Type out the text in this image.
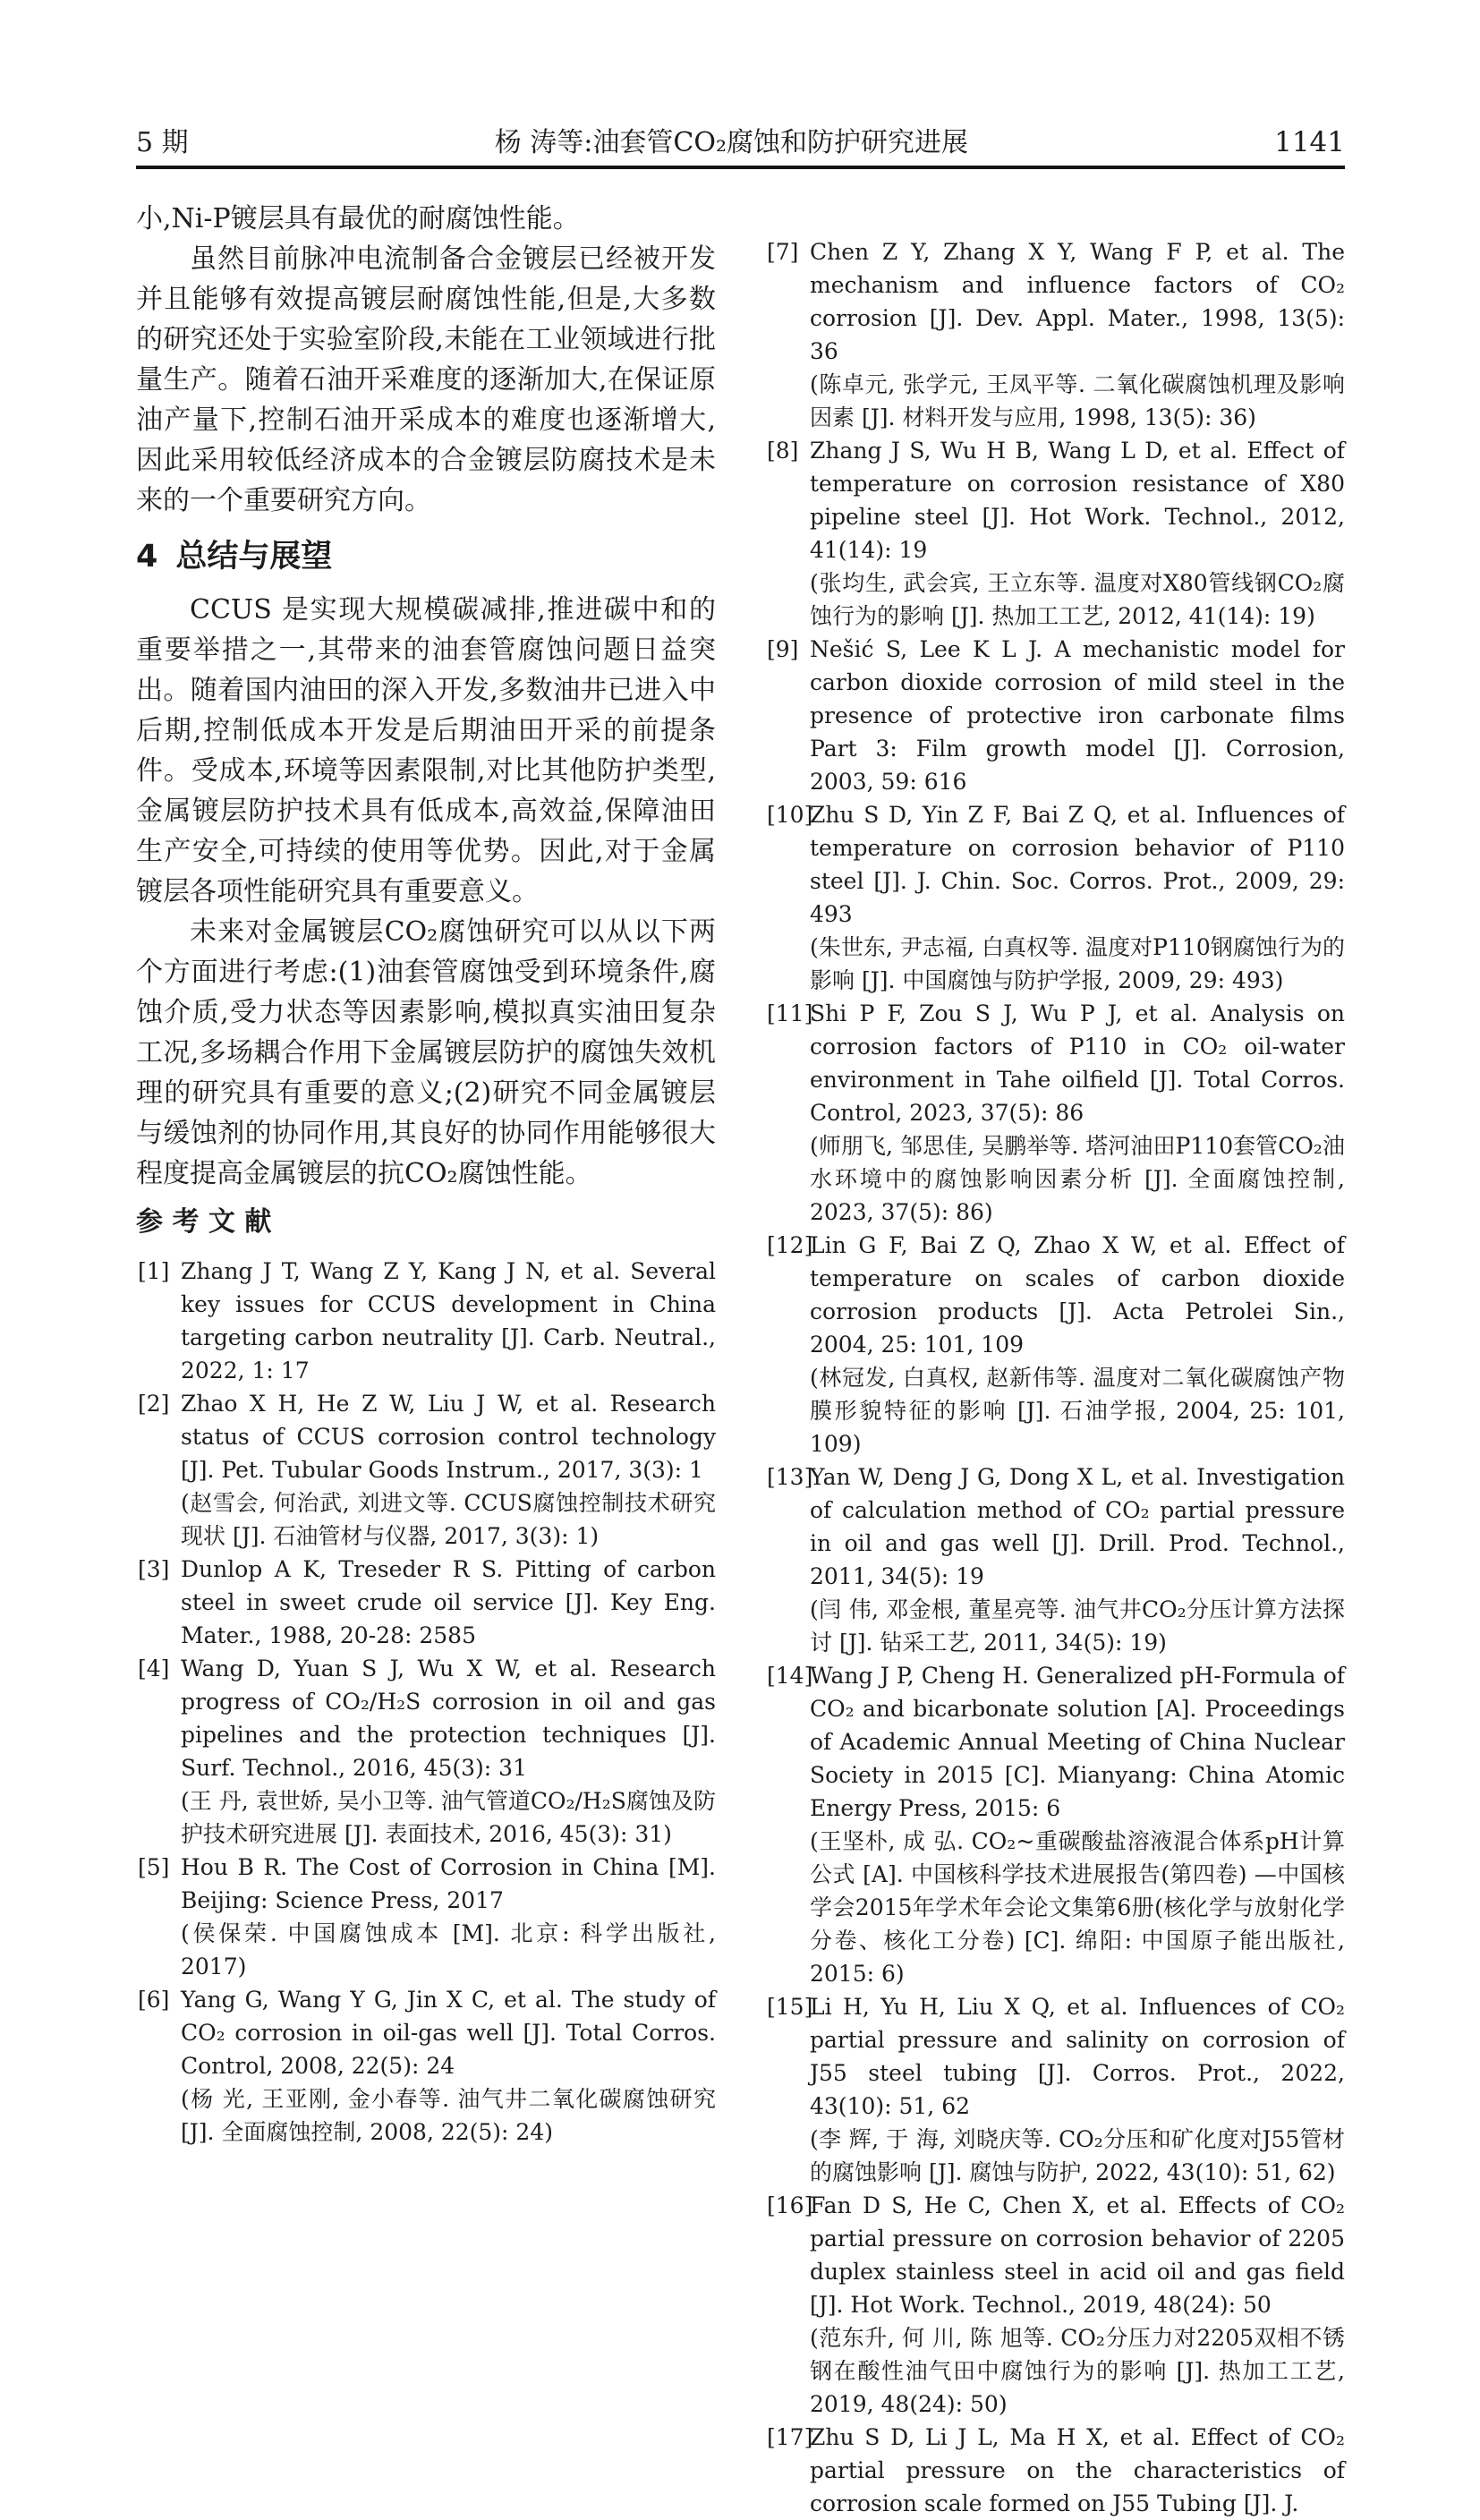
5 期	杨 涛等:油套管CO₂腐蚀和防护研究进展	1141

小,Ni-P镀层具有最优的耐腐蚀性能。

虽然目前脉冲电流制备合金镀层已经被开发并且能够有效提高镀层耐腐蚀性能,但是,大多数的研究还处于实验室阶段,未能在工业领域进行批量生产。随着石油开采难度的逐渐加大,在保证原油产量下,控制石油开采成本的难度也逐渐增大,因此采用较低经济成本的合金镀层防腐技术是未来的一个重要研究方向。

4 总结与展望

CCUS 是实现大规模碳减排,推进碳中和的重要举措之一,其带来的油套管腐蚀问题日益突出。随着国内油田的深入开发,多数油井已进入中后期,控制低成本开发是后期油田开采的前提条件。受成本,环境等因素限制,对比其他防护类型,金属镀层防护技术具有低成本,高效益,保障油田生产安全,可持续的使用等优势。因此,对于金属镀层各项性能研究具有重要意义。

未来对金属镀层CO₂腐蚀研究可以从以下两个方面进行考虑:(1)油套管腐蚀受到环境条件,腐蚀介质,受力状态等因素影响,模拟真实油田复杂工况,多场耦合作用下金属镀层防护的腐蚀失效机理的研究具有重要的意义;(2)研究不同金属镀层与缓蚀剂的协同作用,其良好的协同作用能够很大程度提高金属镀层的抗CO₂腐蚀性能。

参 考 文 献
[1] Zhang J T, Wang Z Y, Kang J N, et al. Several key issues for CCUS development in China targeting carbon neutrality [J]. Carb. Neutral., 2022, 1: 17
[2] Zhao X H, He Z W, Liu J W, et al. Research status of CCUS corrosion control technology [J]. Pet. Tubular Goods Instrum., 2017, 3(3): 1
(赵雪会, 何治武, 刘进文等. CCUS腐蚀控制技术研究现状 [J]. 石油管材与仪器, 2017, 3(3): 1)
[3] Dunlop A K, Treseder R S. Pitting of carbon steel in sweet crude oil service [J]. Key Eng. Mater., 1988, 20-28: 2585
[4] Wang D, Yuan S J, Wu X W, et al. Research progress of CO₂/H₂S corrosion in oil and gas pipelines and the protection techniques [J]. Surf. Technol., 2016, 45(3): 31
(王 丹, 袁世娇, 吴小卫等. 油气管道CO₂/H₂S腐蚀及防护技术研究进展 [J]. 表面技术, 2016, 45(3): 31)
[5] Hou B R. The Cost of Corrosion in China [M]. Beijing: Science Press, 2017
(侯保荣. 中国腐蚀成本 [M]. 北京: 科学出版社, 2017)
[6] Yang G, Wang Y G, Jin X C, et al. The study of CO₂ corrosion in oil-gas well [J]. Total Corros. Control, 2008, 22(5): 24
(杨 光, 王亚刚, 金小春等. 油气井二氧化碳腐蚀研究 [J]. 全面腐蚀控制, 2008, 22(5): 24)
[7] Chen Z Y, Zhang X Y, Wang F P, et al. The mechanism and influence factors of CO₂ corrosion [J]. Dev. Appl. Mater., 1998, 13(5): 36
(陈卓元, 张学元, 王凤平等. 二氧化碳腐蚀机理及影响因素 [J]. 材料开发与应用, 1998, 13(5): 36)
[8] Zhang J S, Wu H B, Wang L D, et al. Effect of temperature on corrosion resistance of X80 pipeline steel [J]. Hot Work. Technol., 2012, 41(14): 19
(张均生, 武会宾, 王立东等. 温度对X80管线钢CO₂腐蚀行为的影响 [J]. 热加工工艺, 2012, 41(14): 19)
[9] Nešić S, Lee K L J. A mechanistic model for carbon dioxide corrosion of mild steel in the presence of protective iron carbonate films　Part 3: Film growth model [J]. Corrosion, 2003, 59: 616
[10]
Zhu S D, Yin Z F, Bai Z Q, et al. Influences of temperature on corrosion behavior of P110 steel [J]. J. Chin. Soc. Corros. Prot., 2009, 29: 493
(朱世东, 尹志福, 白真权等. 温度对P110钢腐蚀行为的影响 [J]. 中国腐蚀与防护学报, 2009, 29: 493)
[11]
Shi P F, Zou S J, Wu P J, et al. Analysis on corrosion factors of P110 in CO₂ oil-water environment in Tahe oilfield [J]. Total Corros. Control, 2023, 37(5): 86
(师朋飞, 邹思佳, 吴鹏举等. 塔河油田P110套管CO₂油水环境中的腐蚀影响因素分析 [J]. 全面腐蚀控制, 2023, 37(5): 86)
[12]
Lin G F, Bai Z Q, Zhao X W, et al. Effect of temperature on scales of carbon dioxide corrosion products [J]. Acta Petrolei Sin., 2004, 25: 101, 109
(林冠发, 白真权, 赵新伟等. 温度对二氧化碳腐蚀产物膜形貌特征的影响 [J]. 石油学报, 2004, 25: 101, 109)
[13]
Yan W, Deng J G, Dong X L, et al. Investigation of calculation method of CO₂ partial pressure in oil and gas well [J]. Drill. Prod. Technol., 2011, 34(5): 19
(闫 伟, 邓金根, 董星亮等. 油气井CO₂分压计算方法探讨 [J]. 钻采工艺, 2011, 34(5): 19)
[14]
Wang J P, Cheng H. Generalized pH-Formula of CO₂ and bicarbonate solution [A]. Proceedings of Academic Annual Meeting of China Nuclear Society in 2015 [C]. Mianyang: China Atomic Energy Press, 2015: 6
(王坚朴, 成 弘. CO₂~重碳酸盐溶液混合体系pH计算公式 [A]. 中国核科学技术进展报告(第四卷) —中国核学会2015年学术年会论文集第6册(核化学与放射化学分卷、核化工分卷) [C]. 绵阳: 中国原子能出版社, 2015: 6)
[15]
Li H, Yu H, Liu X Q, et al. Influences of CO₂ partial pressure and salinity on corrosion of J55 steel tubing [J]. Corros. Prot., 2022, 43(10): 51, 62
(李 辉, 于 海, 刘晓庆等. CO₂分压和矿化度对J55管材的腐蚀影响 [J]. 腐蚀与防护, 2022, 43(10): 51, 62)
[16]
Fan D S, He C, Chen X, et al. Effects of CO₂ partial pressure on corrosion behavior of 2205 duplex stainless steel in acid oil and gas field [J]. Hot Work. Technol., 2019, 48(24): 50
(范东升, 何 川, 陈 旭等. CO₂分压力对2205双相不锈钢在酸性油气田中腐蚀行为的影响 [J]. 热加工工艺, 2019, 48(24): 50)
[17]
Zhu S D, Li J L, Ma H X, et al. Effect of CO₂ partial pressure on the characteristics of corrosion scale formed on J55 Tubing [J]. J.
